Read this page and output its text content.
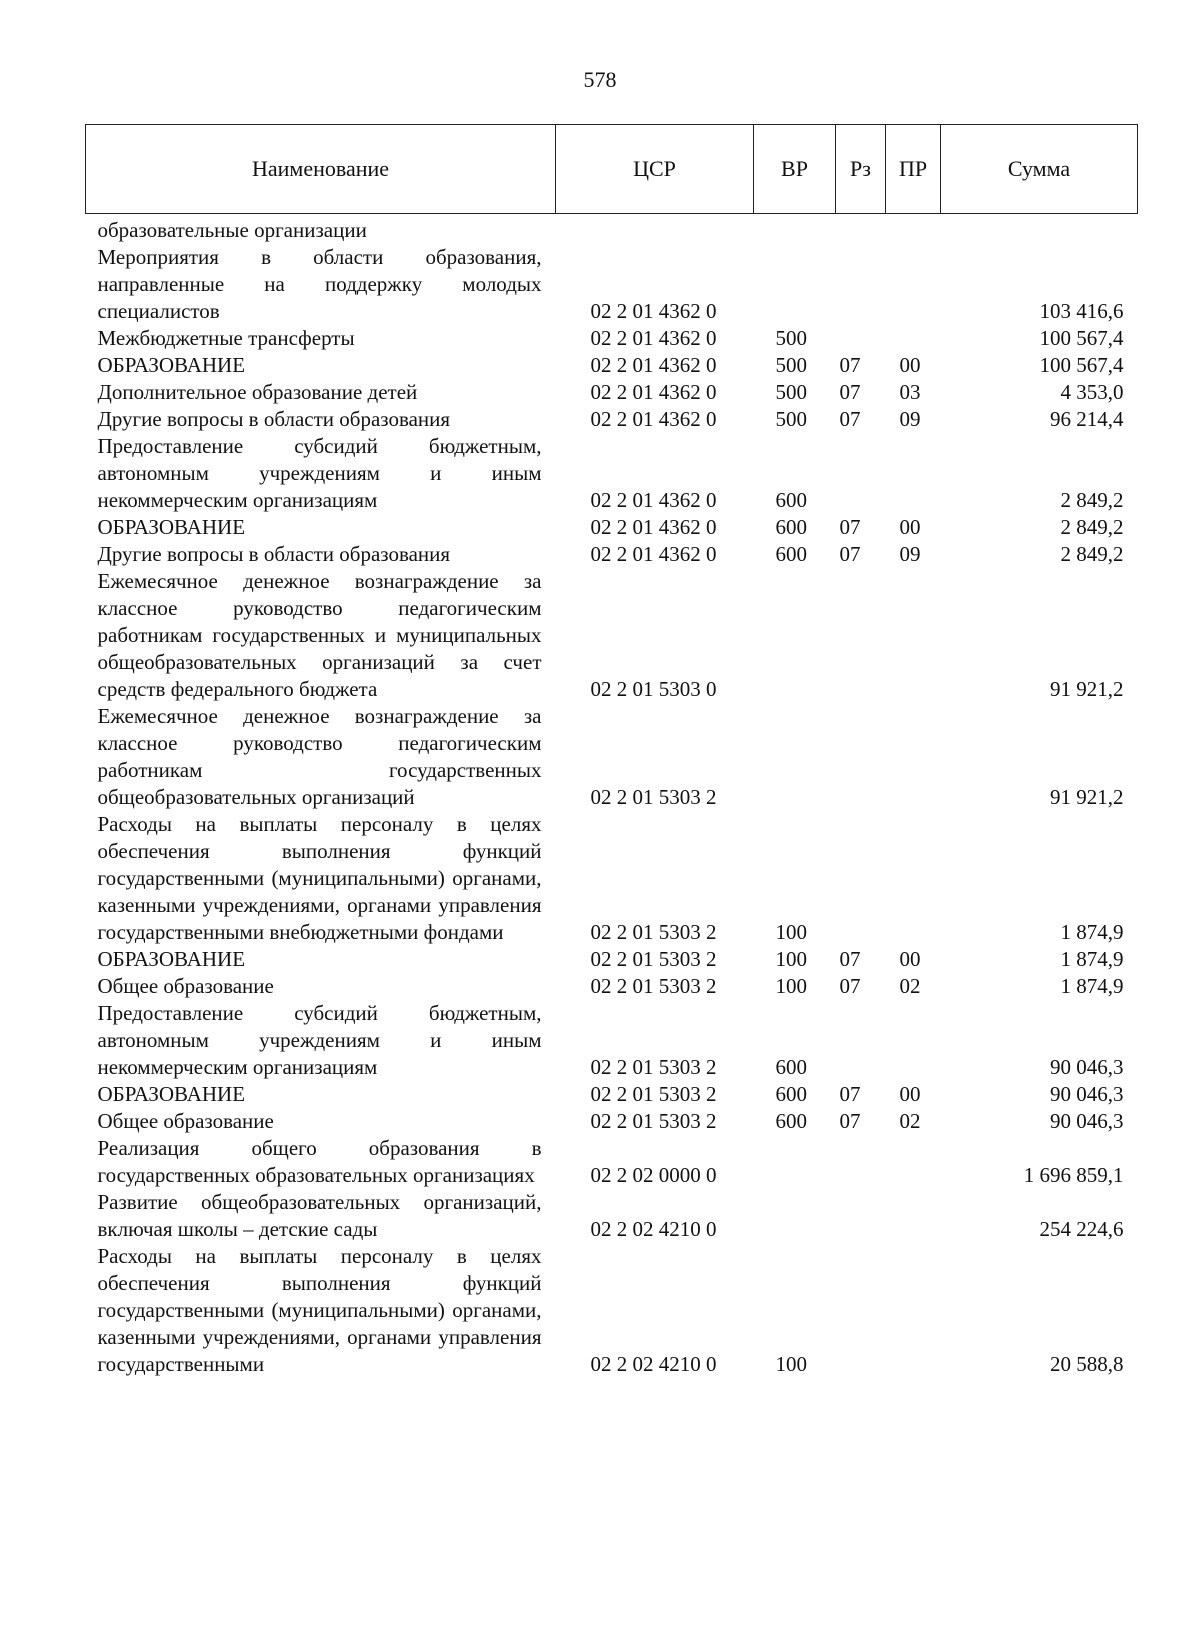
578
Наименование	ЦСР	ВР	Рз	ПР	Сумма
образовательные организации					
Мероприятия в области образования, направленные на поддержку молодых специалистов	02 2 01 4362 0				103 416,6
Межбюджетные трансферты	02 2 01 4362 0	500			100 567,4
ОБРАЗОВАНИЕ	02 2 01 4362 0	500	07	00	100 567,4
Дополнительное образование детей	02 2 01 4362 0	500	07	03	4 353,0
Другие вопросы в области образования	02 2 01 4362 0	500	07	09	96 214,4
Предоставление субсидий бюджетным, автономным учреждениям и иным некоммерческим организациям	02 2 01 4362 0	600			2 849,2
ОБРАЗОВАНИЕ	02 2 01 4362 0	600	07	00	2 849,2
Другие вопросы в области образования	02 2 01 4362 0	600	07	09	2 849,2
Ежемесячное денежное вознаграждение за классное руководство педагогическим работникам государственных и муниципальных общеобразовательных организаций за счет средств федерального бюджета	02 2 01 5303 0				91 921,2
Ежемесячное денежное вознаграждение за классное руководство педагогическим работникам государственных общеобразовательных организаций	02 2 01 5303 2				91 921,2
Расходы на выплаты персоналу в целях обеспечения выполнения функций государственными (муниципальными) органами, казенными учреждениями, органами управления государственными внебюджетными фондами	02 2 01 5303 2	100			1 874,9
ОБРАЗОВАНИЕ	02 2 01 5303 2	100	07	00	1 874,9
Общее образование	02 2 01 5303 2	100	07	02	1 874,9
Предоставление субсидий бюджетным, автономным учреждениям и иным некоммерческим организациям	02 2 01 5303 2	600			90 046,3
ОБРАЗОВАНИЕ	02 2 01 5303 2	600	07	00	90 046,3
Общее образование	02 2 01 5303 2	600	07	02	90 046,3
Реализация общего образования в государственных образовательных организациях	02 2 02 0000 0				1 696 859,1
Развитие общеобразовательных организаций, включая школы – детские сады	02 2 02 4210 0				254 224,6
Расходы на выплаты персоналу в целях обеспечения выполнения функций государственными (муниципальными) органами, казенными учреждениями, органами управления государственными	02 2 02 4210 0	100			20 588,8
